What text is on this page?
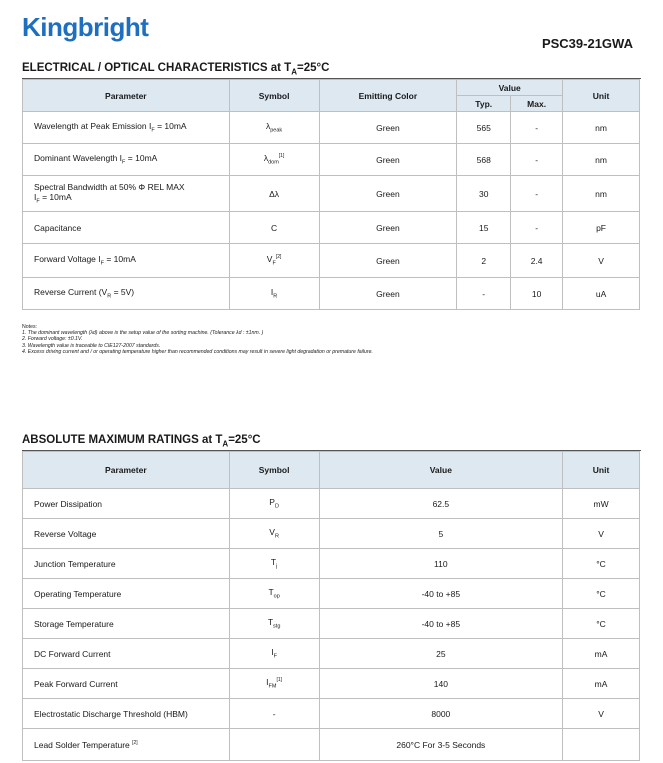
Kingbright
PSC39-21GWA
ELECTRICAL / OPTICAL CHARACTERISTICS at $T_A=25^\circ C$
Parameter	Symbol	Emitting Color	Value		Unit
			Typ.	Max.	
Wavelength at Peak Emission $I_F = 10mA$	$\lambda_{peak}$	Green	565	-	nm
Dominant Wavelength $I_F = 10mA$	$\lambda_{dom}[1]$	Green	568	-	nm
Spectral Bandwidth at 50% Φ REL MAX
$I_F = 10mA$	Δλ	Green	30	-	nm
Capacitance	C	Green	15	-	pF
Forward Voltage $I_F = 10mA$	$V_F[2]$	Green	2	2.4	V
Reverse Current $(V_R = 5V)$	$I_R$	Green	-	10	uA
Notes:
1. The dominant wavelength (λd) above is the setup value of the sorting machine. (Tolerance λd : ±1nm. )
2. Forward voltage: ±0.1V.
3. Wavelength value is traceable to CIE127-2007 standards.
4. Excess driving current and / or operating temperature higher than recommended conditions may result in severe light degradation or premature failure.
ABSOLUTE MAXIMUM RATINGS at $T_A=25^\circ C$
Parameter	Symbol	Value	Unit
Power Dissipation	$P_D$	62.5	mW
Reverse Voltage	$V_R$	5	V
Junction Temperature	$T_j$	110	°C
Operating Temperature	$T_{op}$	-40 to +85	°C
Storage Temperature	$T_{stg}$	-40 to +85	°C
DC Forward Current	$I_F$	25	mA
Peak Forward Current	$I_{FM}[1]$	140	mA
Electrostatic Discharge Threshold (HBM)	-	8000	V
Lead Solder Temperature [2]		260°C For 3-5 Seconds	
